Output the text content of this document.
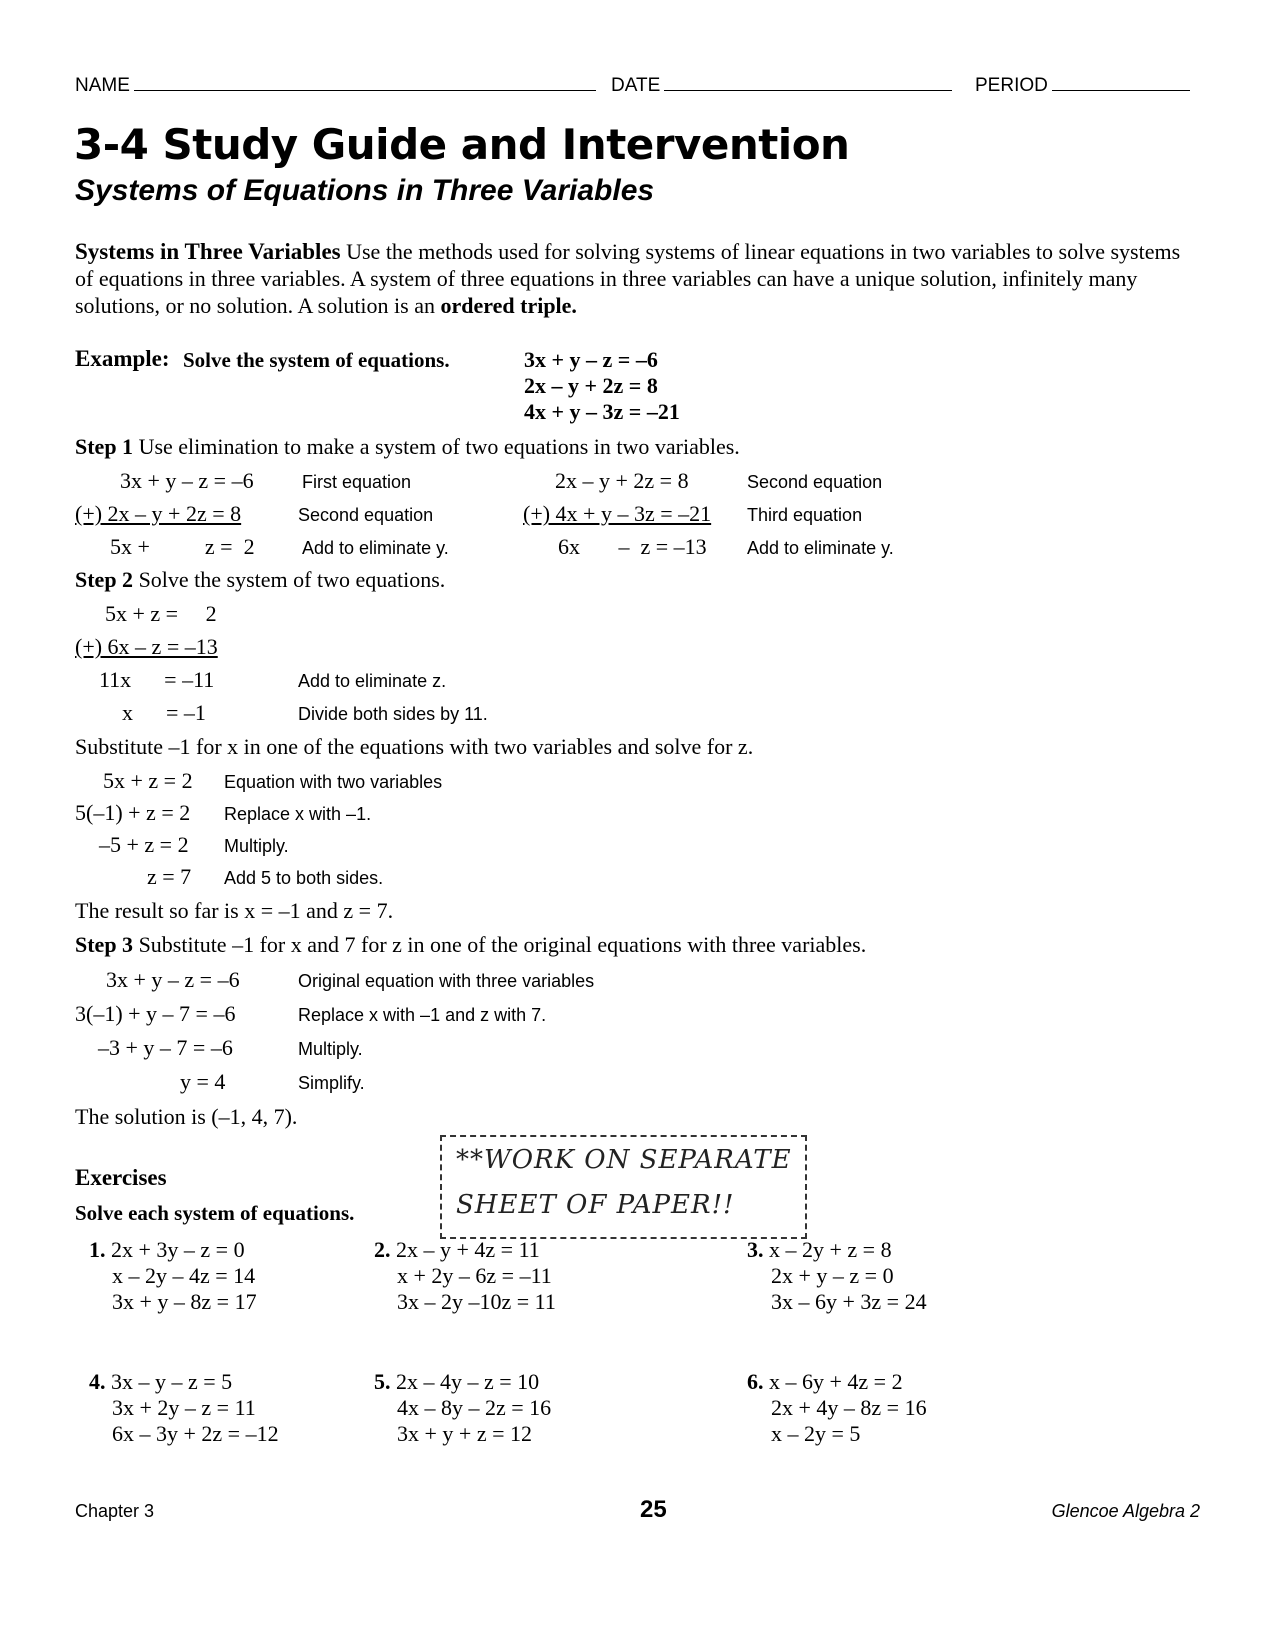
NAME	DATE	PERIOD
3-4 Study Guide and Intervention
Systems of Equations in Three Variables
Systems in Three Variables Use the methods used for solving systems of linear equations in two variables to solve systems of equations in three variables. A system of three equations in three variables can have a unique solution, infinitely many solutions, or no solution. A solution is an ordered triple.
Example: Solve the system of equations.	3x + y – z = –6
2x – y + 2z = 8
4x + y – 3z = –21
Step 1 Use elimination to make a system of two equations in two variables.
3x + y – z = –6	First equation
(+) 2x – y + 2z = 8	Second equation
5x +          z =  2	Add to eliminate y.
2x – y + 2z = 8	Second equation
(+) 4x + y – 3z = –21 Third equation
6x       –  z = –13 Add to eliminate y.
Step 2 Solve the system of two equations.
5x + z =     2
(+) 6x – z = –13
11x      = –11	Add to eliminate z.
x      = –1	Divide both sides by 11.
Substitute –1 for x in one of the equations with two variables and solve for z.
5x + z = 2 Equation with two variables
5(–1) + z = 2 Replace x with –1.
–5 + z = 2 Multiply.
z = 7 Add 5 to both sides.
The result so far is x = –1 and z = 7.
Step 3 Substitute –1 for x and 7 for z in one of the original equations with three variables.
3x + y – z = –6	Original equation with three variables
3(–1) + y – 7 = –6	Replace x with –1 and z with 7.
–3 + y – 7 = –6	Multiply.
y = 4	Simplify.
The solution is (–1, 4, 7).
**WORK ON SEPARATE
SHEET OF PAPER!!
Exercises
Solve each system of equations.
1. 2x + 3y – z = 0
x – 2y – 4z = 14
3x + y – 8z = 17
2. 2x – y + 4z = 11
x + 2y – 6z = –11
3x – 2y –10z = 11
3. x – 2y + z = 8
2x + y – z = 0
3x – 6y + 3z = 24
4. 3x – y – z = 5
3x + 2y – z = 11
6x – 3y + 2z = –12
5. 2x – 4y – z = 10
4x – 8y – 2z = 16
3x + y + z = 12
6. x – 6y + 4z = 2
2x + 4y – 8z = 16
x – 2y = 5
Chapter 3	25	Glencoe Algebra 2
